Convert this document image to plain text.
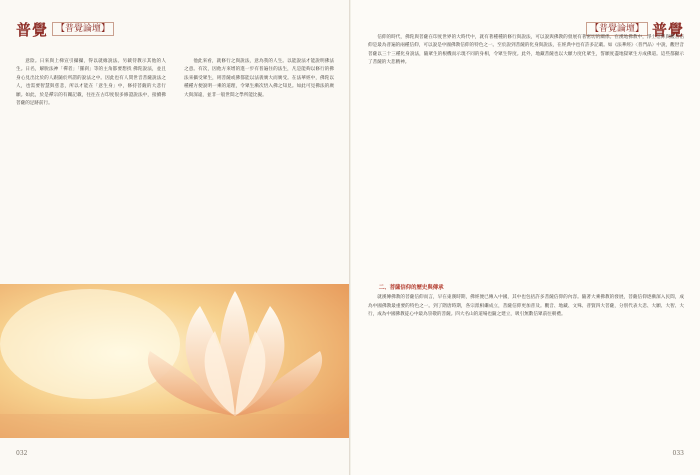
普覺 【普覺論壇】

意陰。日來與上梯宣引攝攝，得以就緣說法。另載待教示其他的人生。日名，解脫法神「禪者」「羅刹」等的主角都要想找 佛陀說法，並且身心見出比於的人跟隨於所謂的說法之中。因此也有人問世音菩薩說法之人，也需要智慧與慈悲，所以才能在「意生身」中，修持菩薩的大悲行願。如此，於是禪宗的有關記載，往往在古印度很多修證說法中，接續佛菩薩的足跡前行。

他此來看，就修行之與說法，意為我的人生。以能說法才能說明佛法之意。有次，因他方來增的進一步有普遍住的法生，凡是能夠以修行的佛法來攝受眾生，則菩薩或佛都能以法義廣大而廣受。在法華經中，佛陀以種種方便說明一乘的道理，令眾生漸次悟入佛之知見。如此可見佛法的廣大與深遠，並非一般世間之學所能比擬。

032
【普覺論壇】 普覺

信仰的時代，佛陀與菩薩在印度世界的大時代中，就有著種種的修行與說法，可以說與佛教的發展有著密切的關係。在漢地佛教中，淨土信仰與觀音信仰是最為普遍的兩種信仰，可以說是中國佛教信仰的特色之一。至於說到菩薩的化身與說法，在經典中也有許多記載。如《法華經》〈普門品〉中說，觀世音菩薩以三十三種化身說法，隨眾生的根機而示現不同的身相，令眾生得度。此外，地藏菩薩也以大願力度化眾生，誓願度盡地獄眾生方成佛道。這些都顯示了菩薩的大悲精神。

二、菩薩信仰的歷史與傳承

就漢傳佛教的菩薩信仰而言，早在東漢時期，佛經便已傳入中國，其中也包括許多菩薩信仰的內容。隨著大乘佛教的發展，菩薩信仰逐漸深入民間，成為中國佛教最重要的特色之一。到了隋唐時期，各宗派相繼成立，菩薩信仰更加普及。觀音、地藏、文殊、普賢四大菩薩，分別代表大悲、大願、大智、大行，成為中國佛教徒心中最為崇敬的菩薩。四大名山的道場也隨之建立，吸引無數信眾前往朝禮。

033
